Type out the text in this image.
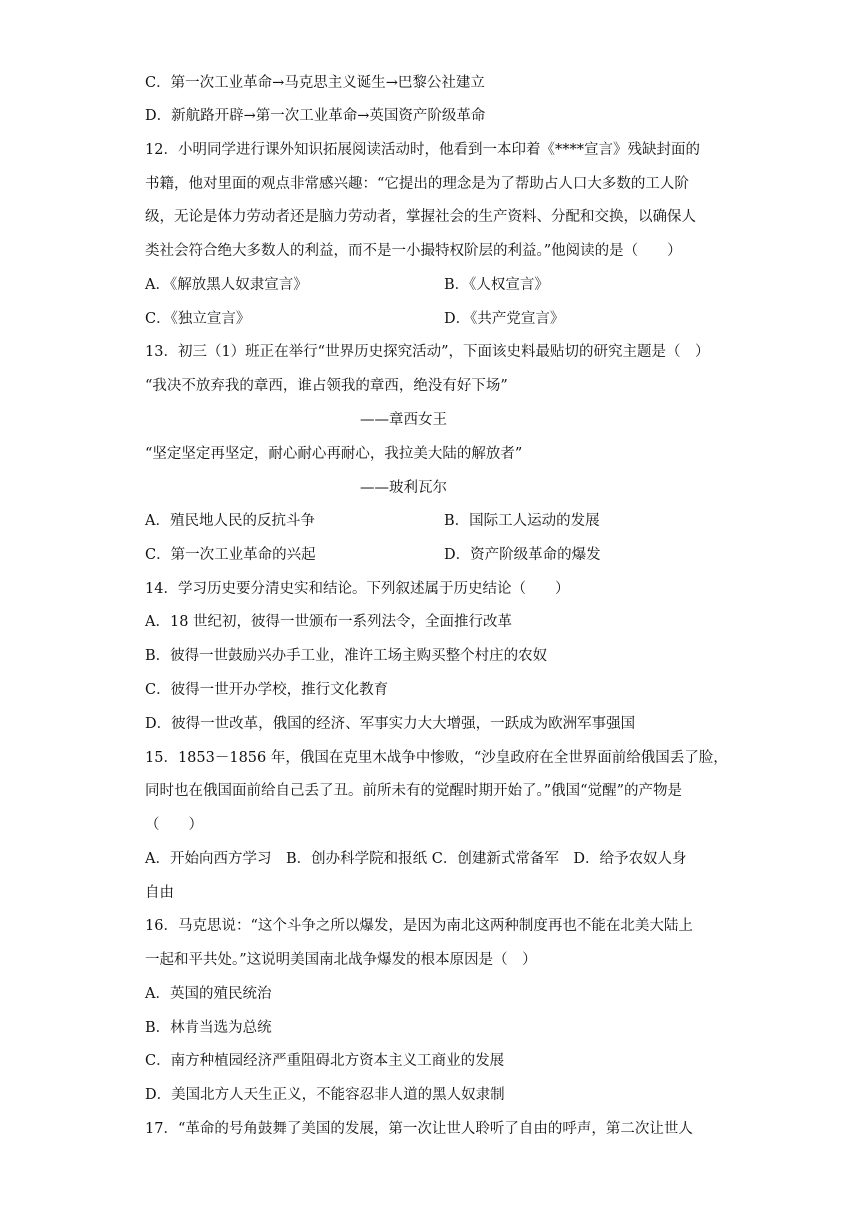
C．第一次工业革命→马克思主义诞生→巴黎公社建立
D．新航路开辟→第一次工业革命→英国资产阶级革命
12．小明同学进行课外知识拓展阅读活动时，他看到一本印着《****宣言》残缺封面的
书籍，他对里面的观点非常感兴趣：“它提出的理念是为了帮助占人口大多数的工人阶
级，无论是体力劳动者还是脑力劳动者，掌握社会的生产资料、分配和交换，以确保人
类社会符合绝大多数人的利益，而不是一小撮特权阶层的利益。”他阅读的是（　　）
A．《解放黑人奴隶宣言》	B．《人权宣言》
C．《独立宣言》	D．《共产党宣言》
13．初三（1）班正在举行“世界历史探究活动”，下面该史料最贴切的研究主题是（　）
“我决不放弃我的章西，谁占领我的章西，绝没有好下场”
——章西女王
“坚定坚定再坚定，耐心耐心再耐心，我拉美大陆的解放者”
——玻利瓦尔
A．殖民地人民的反抗斗争	B．国际工人运动的发展
C．第一次工业革命的兴起	D．资产阶级革命的爆发
14．学习历史要分清史实和结论。下列叙述属于历史结论（　　）
A．18 世纪初，彼得一世颁布一系列法令，全面推行改革
B．彼得一世鼓励兴办手工业，准许工场主购买整个村庄的农奴
C．彼得一世开办学校，推行文化教育
D．彼得一世改革，俄国的经济、军事实力大大增强，一跃成为欧洲军事强国
15．1853－1856 年，俄国在克里木战争中惨败，“沙皇政府在全世界面前给俄国丢了脸，
同时也在俄国面前给自己丢了丑。前所未有的觉醒时期开始了。”俄国“觉醒”的产物是
（　　）
A．开始向西方学习　B．创办科学院和报纸 C．创建新式常备军　D．给予农奴人身
自由
16．马克思说：“这个斗争之所以爆发，是因为南北这两种制度再也不能在北美大陆上
一起和平共处。”这说明美国南北战争爆发的根本原因是（　）
A．英国的殖民统治
B．林肯当选为总统
C．南方种植园经济严重阻碍北方资本主义工商业的发展
D．美国北方人天生正义，不能容忍非人道的黑人奴隶制
17．“革命的号角鼓舞了美国的发展，第一次让世人聆听了自由的呼声，第二次让世人
